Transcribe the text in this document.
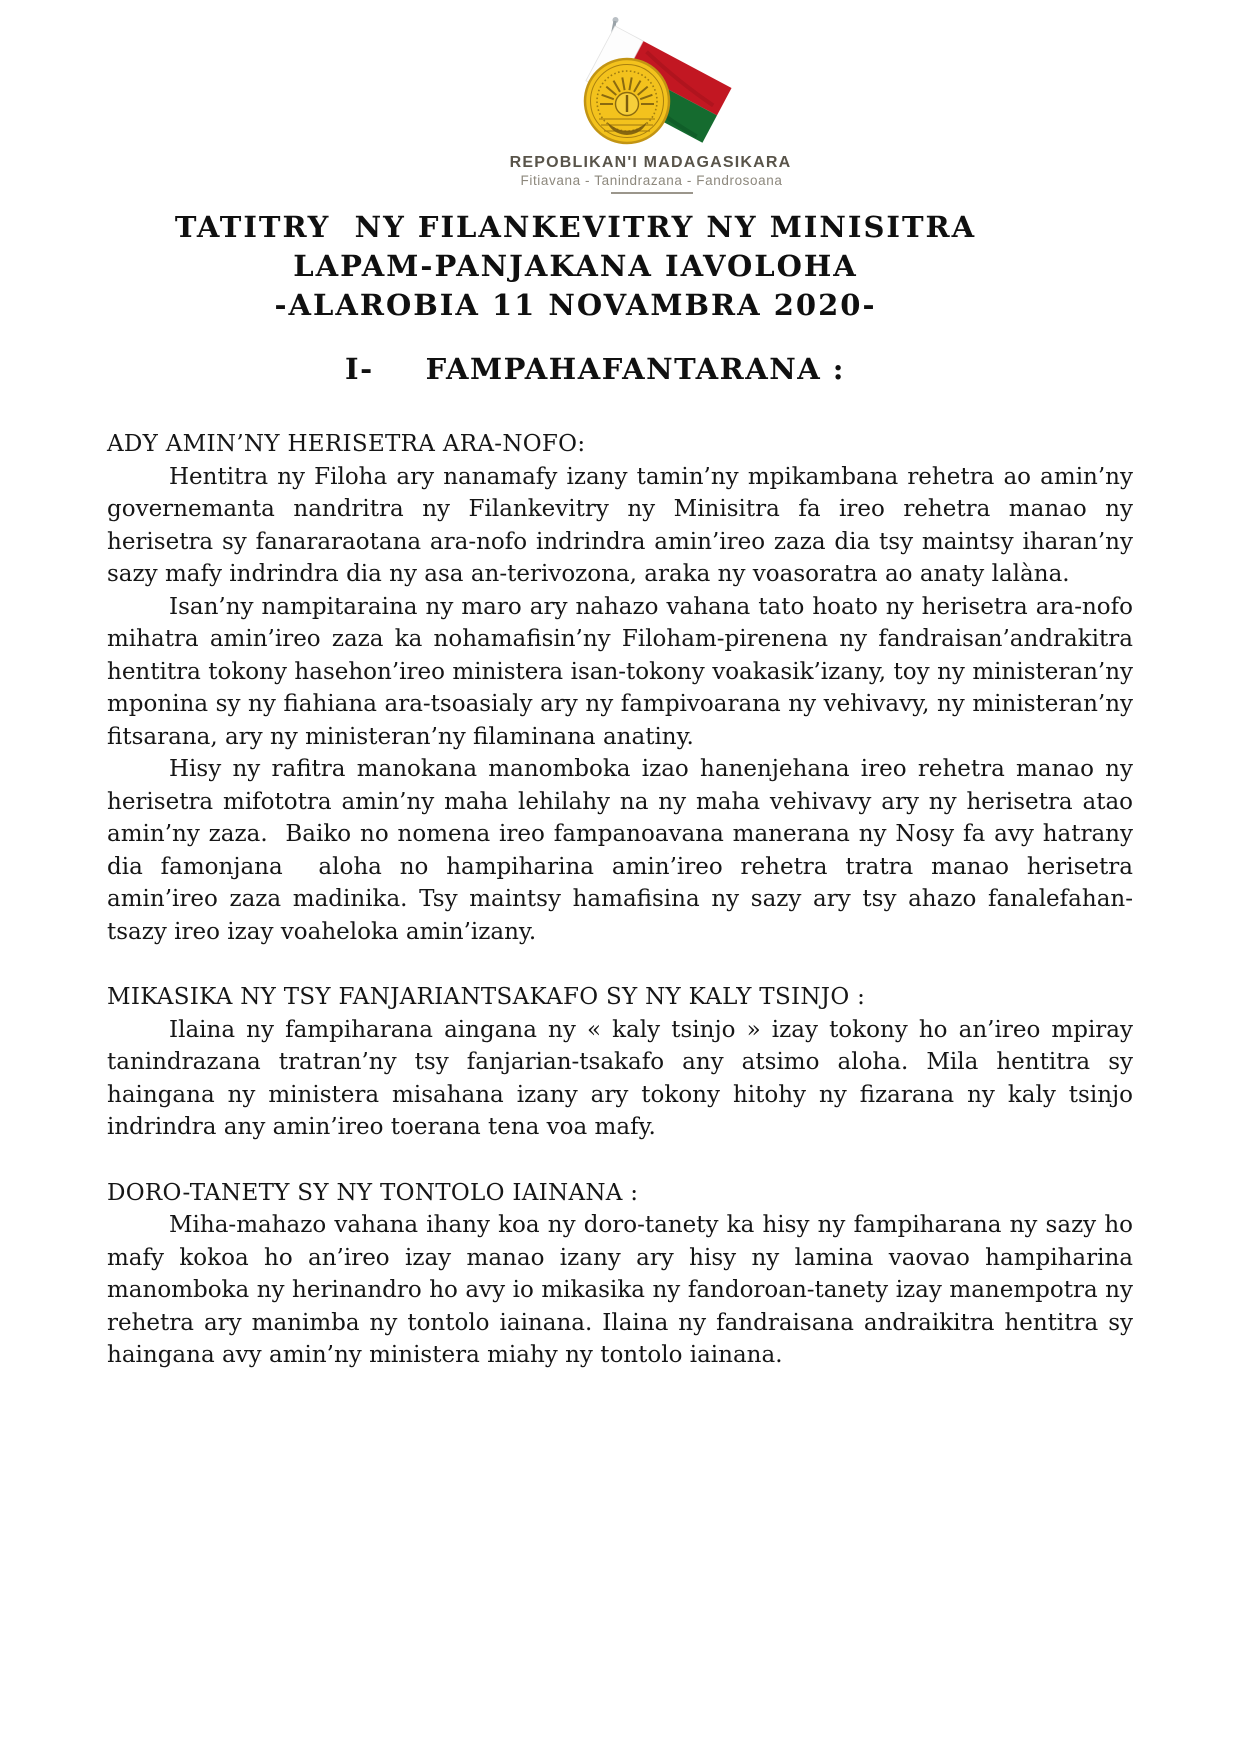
REPOBLIKAN'I MADAGASIKARA
Fitiavana - Tanindrazana - Fandrosoana
TATITRY  NY FILANKEVITRY NY MINISITRA
LAPAM-PANJAKANA IAVOLOHA
-ALAROBIA 11 NOVAMBRA 2020-
I- FAMPAHAFANTARANA :
ADY AMIN’NY HERISETRA ARA-NOFO:

Hentitra ny Filoha ary nanamafy izany tamin’ny mpikambana rehetra ao amin’ny governemanta nandritra ny Filankevitry ny Minisitra fa ireo rehetra manao ny herisetra sy fanararaotana ara-nofo indrindra amin’ireo zaza dia tsy maintsy iharan’ny sazy mafy indrindra dia ny asa an-terivozona, araka ny voasoratra ao anaty lalàna.

Isan’ny nampitaraina ny maro ary nahazo vahana tato hoato ny herisetra ara-nofo mihatra amin’ireo zaza ka nohamafisin’ny Filoham-pirenena ny fandraisan’andrakitra hentitra tokony hasehon’ireo ministera isan-tokony voakasik’izany, toy ny ministeran’ny mponina sy ny fiahiana ara-tsoasialy ary ny fampivoarana ny vehivavy, ny ministeran’ny fitsarana, ary ny ministeran’ny filaminana anatiny.

Hisy ny rafitra manokana manomboka izao hanenjehana ireo rehetra manao ny herisetra mifototra amin’ny maha lehilahy na ny maha vehivavy ary ny herisetra atao amin’ny zaza.  Baiko no nomena ireo fampanoavana manerana ny Nosy fa avy hatrany dia famonjana  aloha no hampiharina amin’ireo rehetra tratra manao herisetra amin’ireo zaza madinika. Tsy maintsy hamafisina ny sazy ary tsy ahazo fanalefahan-tsazy ireo izay voaheloka amin’izany.

MIKASIKA NY TSY FANJARIANTSAKAFO SY NY KALY TSINJO :

Ilaina ny fampiharana aingana ny « kaly tsinjo » izay tokony ho an’ireo mpiray tanindrazana tratran’ny tsy fanjarian-tsakafo any atsimo aloha. Mila hentitra sy haingana ny ministera misahana izany ary tokony hitohy ny fizarana ny kaly tsinjo indrindra any amin’ireo toerana tena voa mafy.

DORO-TANETY SY NY TONTOLO IAINANA :

Miha-mahazo vahana ihany koa ny doro-tanety ka hisy ny fampiharana ny sazy ho mafy kokoa ho an’ireo izay manao izany ary hisy ny lamina vaovao hampiharina manomboka ny herinandro ho avy io mikasika ny fandoroan-tanety izay manempotra ny rehetra ary manimba ny tontolo iainana. Ilaina ny fandraisana andraikitra hentitra sy haingana avy amin’ny ministera miahy ny tontolo iainana.
